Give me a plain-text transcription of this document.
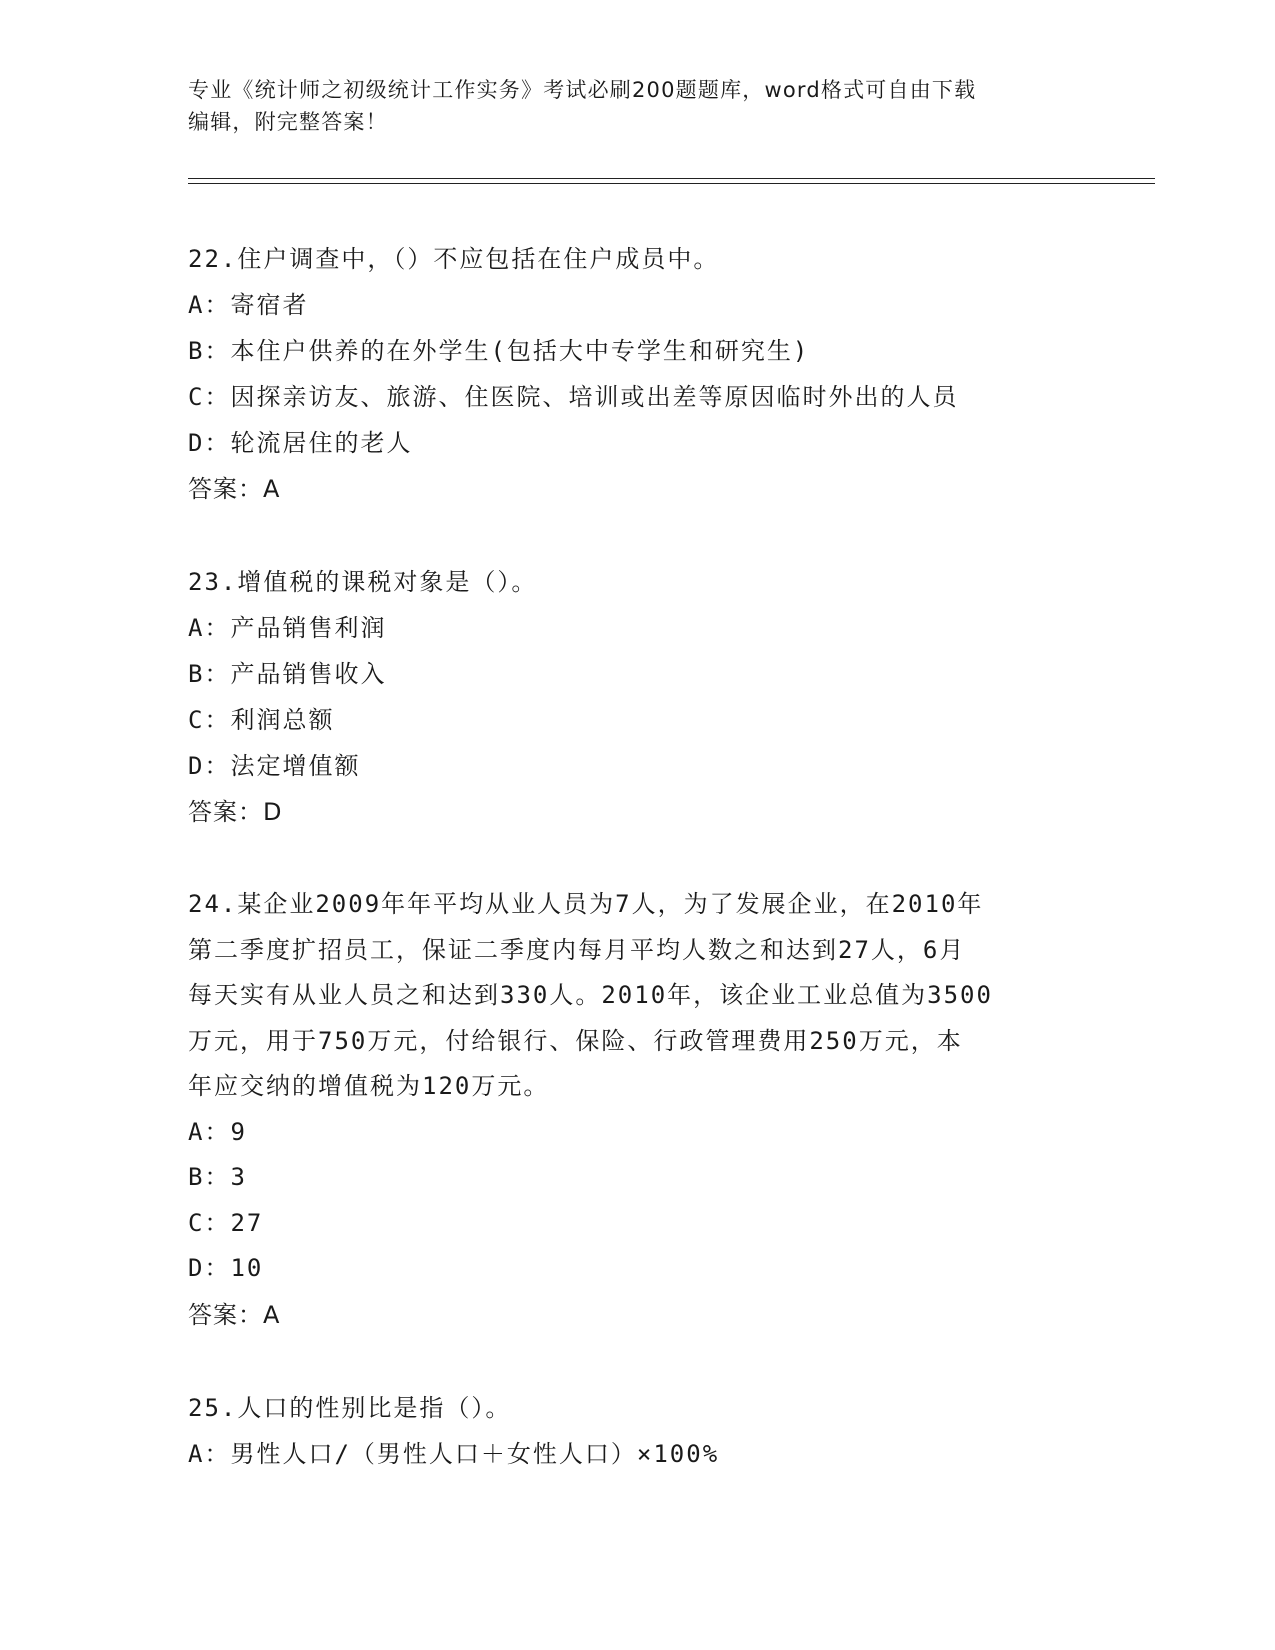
专业《统计师之初级统计工作实务》考试必刷200题题库，word格式可自由下载
编辑，附完整答案！
22.住户调查中，（）不应包括在住户成员中。
A：寄宿者
B：本住户供养的在外学生(包括大中专学生和研究生)
C：因探亲访友、旅游、住医院、培训或出差等原因临时外出的人员
D：轮流居住的老人
答案：A
23.增值税的课税对象是（）。
A：产品销售利润
B：产品销售收入
C：利润总额
D：法定增值额
答案：D
24.某企业2009年年平均从业人员为7人，为了发展企业，在2010年
第二季度扩招员工，保证二季度内每月平均人数之和达到27人，6月
每天实有从业人员之和达到330人。2010年，该企业工业总值为3500
万元，用于750万元，付给银行、保险、行政管理费用250万元，本
年应交纳的增值税为120万元。
A：9
B：3
C：27
D：10
答案：A
25.人口的性别比是指（）。
A：男性人口/（男性人口＋女性人口）×100%
